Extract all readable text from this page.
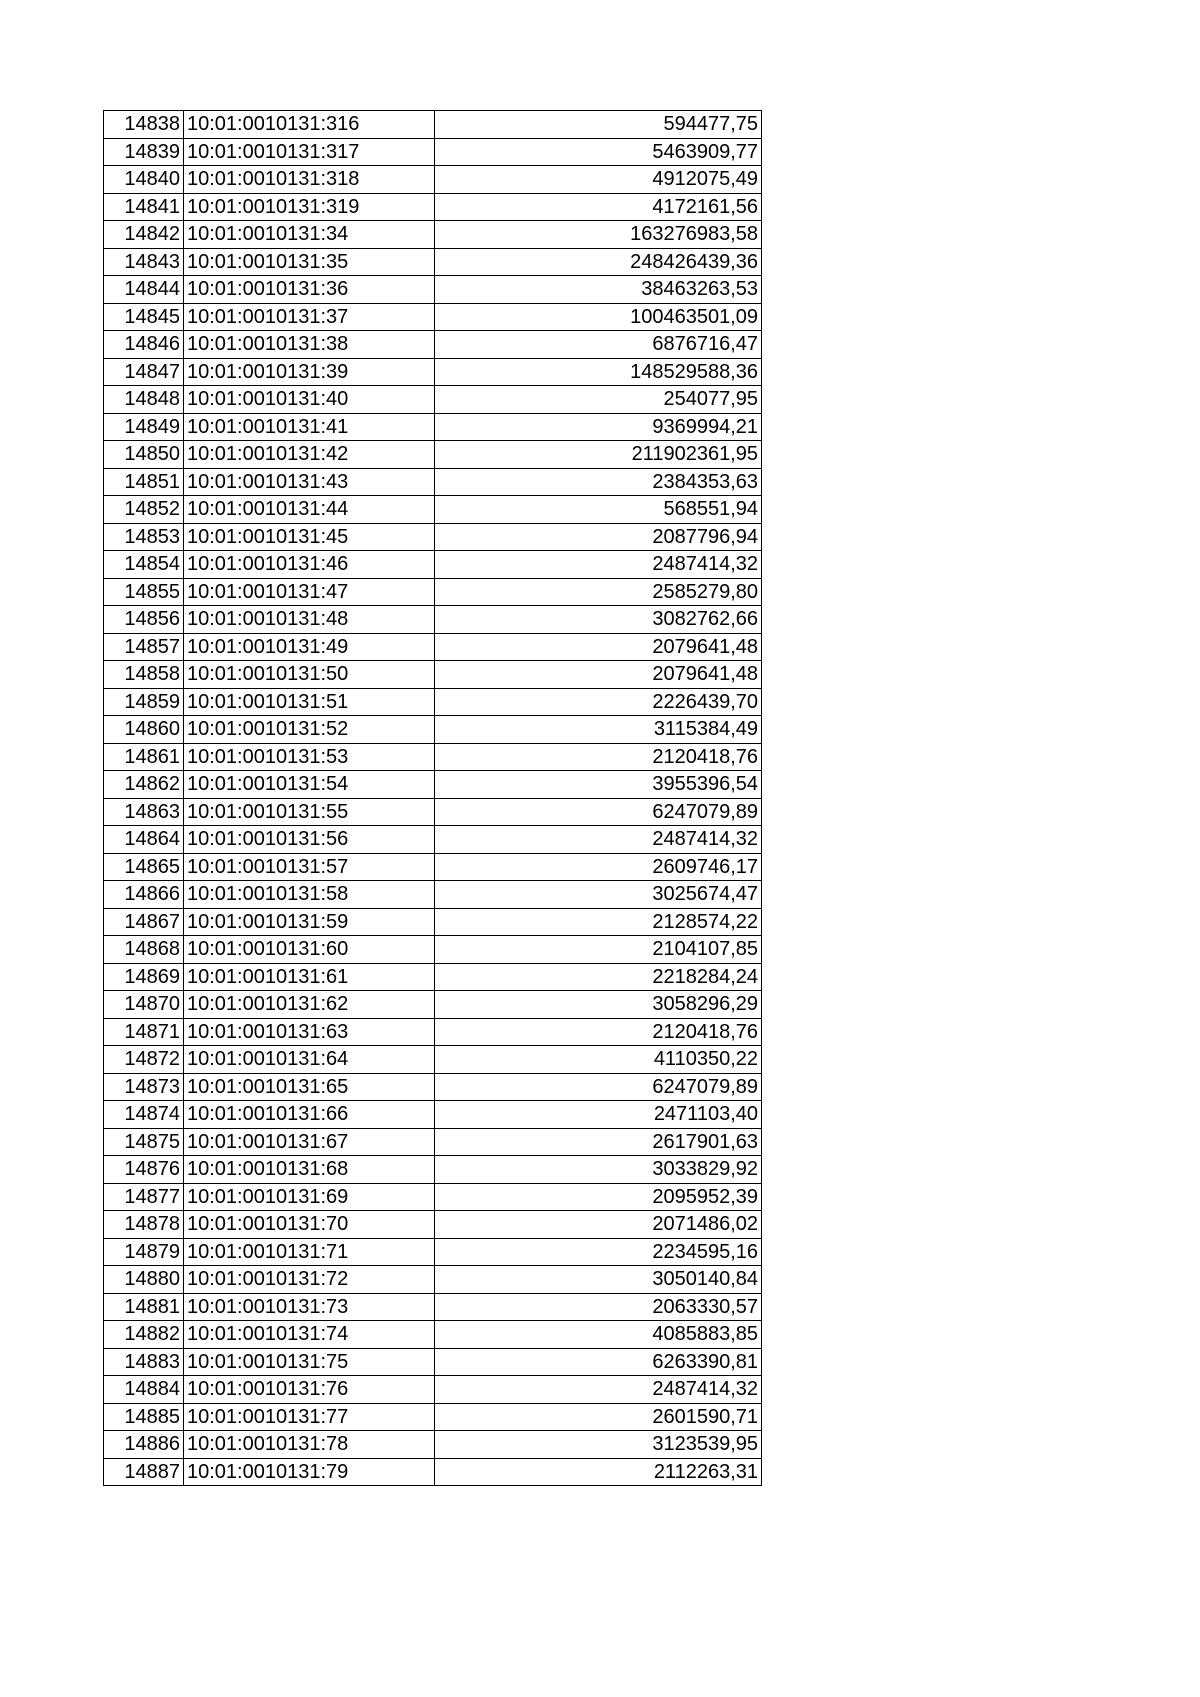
14838	10:01:0010131:316	594477,75
14839	10:01:0010131:317	5463909,77
14840	10:01:0010131:318	4912075,49
14841	10:01:0010131:319	4172161,56
14842	10:01:0010131:34	163276983,58
14843	10:01:0010131:35	248426439,36
14844	10:01:0010131:36	38463263,53
14845	10:01:0010131:37	100463501,09
14846	10:01:0010131:38	6876716,47
14847	10:01:0010131:39	148529588,36
14848	10:01:0010131:40	254077,95
14849	10:01:0010131:41	9369994,21
14850	10:01:0010131:42	211902361,95
14851	10:01:0010131:43	2384353,63
14852	10:01:0010131:44	568551,94
14853	10:01:0010131:45	2087796,94
14854	10:01:0010131:46	2487414,32
14855	10:01:0010131:47	2585279,80
14856	10:01:0010131:48	3082762,66
14857	10:01:0010131:49	2079641,48
14858	10:01:0010131:50	2079641,48
14859	10:01:0010131:51	2226439,70
14860	10:01:0010131:52	3115384,49
14861	10:01:0010131:53	2120418,76
14862	10:01:0010131:54	3955396,54
14863	10:01:0010131:55	6247079,89
14864	10:01:0010131:56	2487414,32
14865	10:01:0010131:57	2609746,17
14866	10:01:0010131:58	3025674,47
14867	10:01:0010131:59	2128574,22
14868	10:01:0010131:60	2104107,85
14869	10:01:0010131:61	2218284,24
14870	10:01:0010131:62	3058296,29
14871	10:01:0010131:63	2120418,76
14872	10:01:0010131:64	4110350,22
14873	10:01:0010131:65	6247079,89
14874	10:01:0010131:66	2471103,40
14875	10:01:0010131:67	2617901,63
14876	10:01:0010131:68	3033829,92
14877	10:01:0010131:69	2095952,39
14878	10:01:0010131:70	2071486,02
14879	10:01:0010131:71	2234595,16
14880	10:01:0010131:72	3050140,84
14881	10:01:0010131:73	2063330,57
14882	10:01:0010131:74	4085883,85
14883	10:01:0010131:75	6263390,81
14884	10:01:0010131:76	2487414,32
14885	10:01:0010131:77	2601590,71
14886	10:01:0010131:78	3123539,95
14887	10:01:0010131:79	2112263,31
